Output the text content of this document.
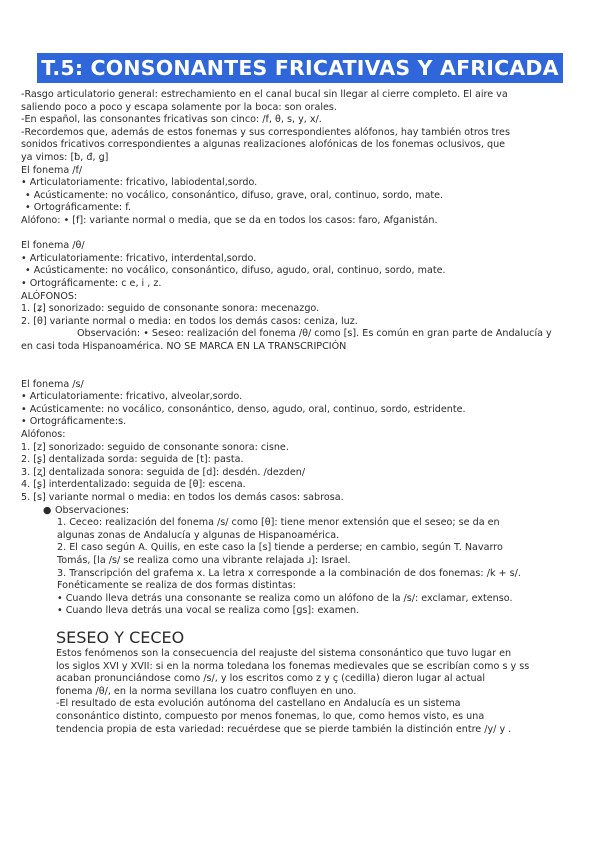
T.5: CONSONANTES FRICATIVAS Y AFRICADA

-Rasgo articulatorio general: estrechamiento en el canal bucal sin llegar al cierre completo. El aire va

saliendo poco a poco y escapa solamente por la boca: son orales.

-En español, las consonantes fricativas son cinco: /f, θ, s, y, x/.

-Recordemos que, además de estos fonemas y sus correspondientes alófonos, hay también otros tres

sonidos fricativos correspondientes a algunas realizaciones alofónicas de los fonemas oclusivos, que

ya vimos: [ƀ, đ, ǥ]

El fonema /f/

• Articulatoriamente: fricativo, labiodental,sordo.

• Acústicamente: no vocálico, consonántico, difuso, grave, oral, continuo, sordo, mate.

• Ortográficamente: f.

Alófono: • [f]: variante normal o media, que se da en todos los casos: faro, Afganistán.

El fonema /θ/

• Articulatoriamente: fricativo, interdental,sordo.

• Acústicamente: no vocálico, consonántico, difuso, agudo, oral, continuo, sordo, mate.

• Ortográficamente: c e, i , z.

ALÓFONOS:

1. [ʑ] sonorizado: seguido de consonante sonora: mecenazgo.

2. [θ] variante normal o media: en todos los demás casos: ceniza, luz.

Observación: • Seseo: realización del fonema /θ/ como [s]. Es común en gran parte de Andalucía y

en casi toda Hispanoamérica. NO SE MARCA EN LA TRANSCRIPCIÓN

El fonema /s/

• Articulatoriamente: fricativo, alveolar,sordo.

• Acústicamente: no vocálico, consonántico, denso, agudo, oral, continuo, sordo, estridente.

• Ortográficamente:s.

Alófonos:

1. [z] sonorizado: seguido de consonante sonora: cisne.

2. [ʂ] dentalizada sorda: seguida de [t]: pasta.

3. [ʐ] dentalizada sonora: seguida de [d]: desdén. /dezden/

4. [ʂ] interdentalizado: seguida de [θ]: escena.

5. [s] variante normal o media: en todos los demás casos: sabrosa.

● Observaciones:

1. Ceceo: realización del fonema /s/ como [θ]: tiene menor extensión que el seseo; se da en

algunas zonas de Andalucía y algunas de Hispanoamérica.

2. El caso según A. Quilis, en este caso la [s] tiende a perderse; en cambio, según T. Navarro

Tomás, [la /s/ se realiza como una vibrante relajada ɹ]: Israel.

3. Transcripción del grafema x. La letra x corresponde a la combinación de dos fonemas: /k + s/.

Fonéticamente se realiza de dos formas distintas:

• Cuando lleva detrás una consonante se realiza como un alófono de la /s/: exclamar, extenso.

• Cuando lleva detrás una vocal se realiza como [ɡs]: examen.

SESEO Y CECEO

Estos fenómenos son la consecuencia del reajuste del sistema consonántico que tuvo lugar en

los siglos XVI y XVII: si en la norma toledana los fonemas medievales que se escribían como s y ss

acaban pronunciándose como /s/, y los escritos como z y ç (cedilla) dieron lugar al actual

fonema /θ/, en la norma sevillana los cuatro confluyen en uno.

-El resultado de esta evolución autónoma del castellano en Andalucía es un sistema

consonántico distinto, compuesto por menos fonemas, lo que, como hemos visto, es una

tendencia propia de esta variedad: recuérdese que se pierde también la distinción entre /y/ y .
